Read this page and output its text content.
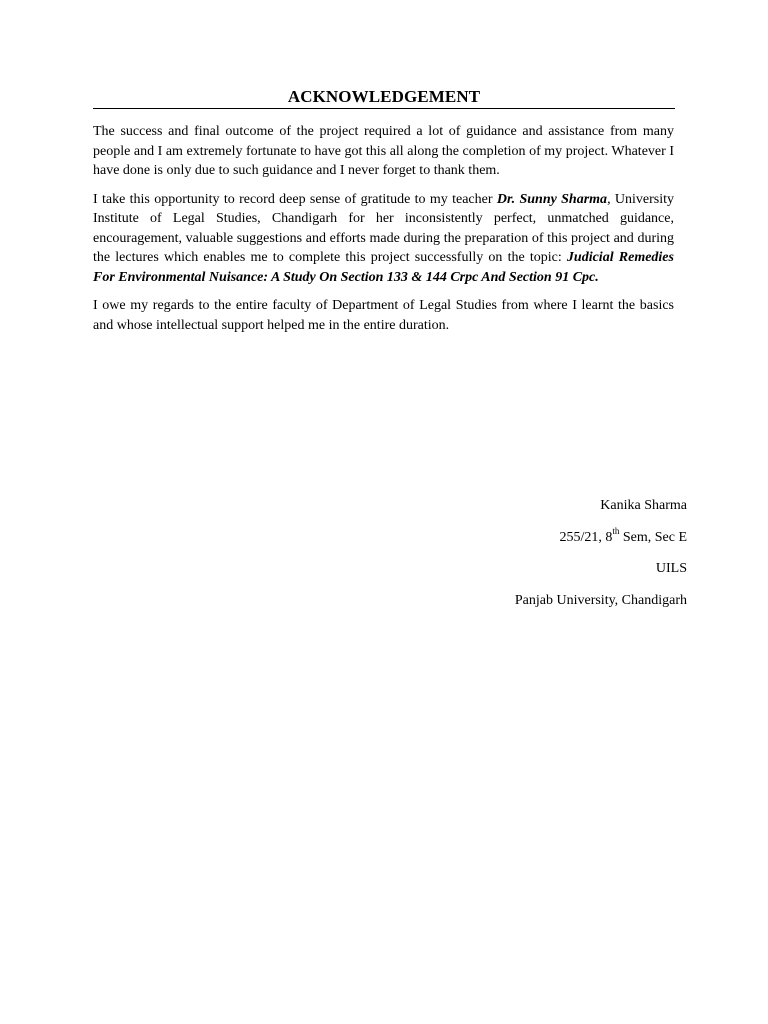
ACKNOWLEDGEMENT

The success and final outcome of the project required a lot of guidance and assistance from many people and I am extremely fortunate to have got this all along the completion of my project. Whatever I have done is only due to such guidance and I never forget to thank them.

I take this opportunity to record deep sense of gratitude to my teacher Dr. Sunny Sharma, University Institute of Legal Studies, Chandigarh for her inconsistently perfect, unmatched guidance, encouragement, valuable suggestions and efforts made during the preparation of this project and during the lectures which enables me to complete this project successfully on the topic: Judicial Remedies For Environmental Nuisance: A Study On Section 133 & 144 Crpc And Section 91 Cpc.

I owe my regards to the entire faculty of Department of Legal Studies from where I learnt the basics and whose intellectual support helped me in the entire duration.

Kanika Sharma
255/21, 8th Sem, Sec E
UILS
Panjab University, Chandigarh
